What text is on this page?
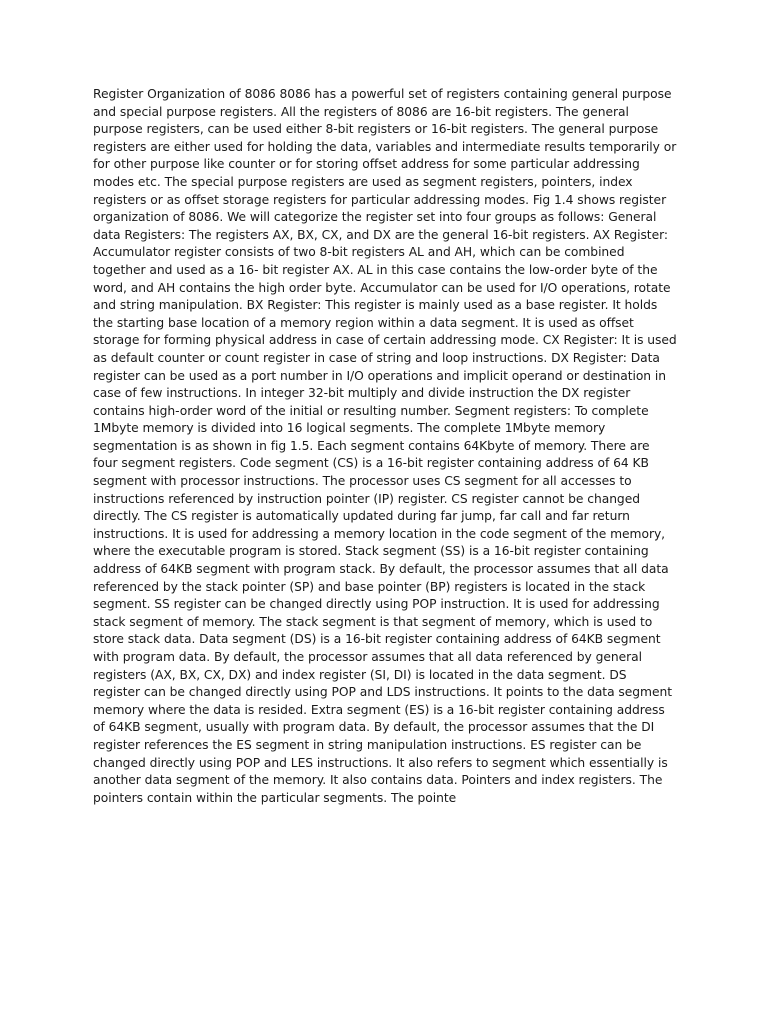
Register Organization of 8086 8086 has a powerful set of registers containing general purpose and special purpose registers. All the registers of 8086 are 16-bit registers. The general purpose registers, can be used either 8-bit registers or 16-bit registers. The general purpose registers are either used for holding the data, variables and intermediate results temporarily or for other purpose like counter or for storing offset address for some particular addressing modes etc. The special purpose registers are used as segment registers, pointers, index registers or as offset storage registers for particular addressing modes. Fig 1.4 shows register organization of 8086. We will categorize the register set into four groups as follows: General data Registers: The registers AX, BX, CX, and DX are the general 16-bit registers. AX Register: Accumulator register consists of two 8-bit registers AL and AH, which can be combined together and used as a 16- bit register AX. AL in this case contains the low-order byte of the word, and AH contains the high order byte. Accumulator can be used for I/O operations, rotate and string manipulation. BX Register: This register is mainly used as a base register. It holds the starting base location of a memory region within a data segment. It is used as offset storage for forming physical address in case of certain addressing mode. CX Register: It is used as default counter or count register in case of string and loop instructions. DX Register: Data register can be used as a port number in I/O operations and implicit operand or destination in case of few instructions. In integer 32-bit multiply and divide instruction the DX register contains high-order word of the initial or resulting number. Segment registers: To complete 1Mbyte memory is divided into 16 logical segments. The complete 1Mbyte memory segmentation is as shown in fig 1.5. Each segment contains 64Kbyte of memory. There are four segment registers. Code segment (CS) is a 16-bit register containing address of 64 KB segment with processor instructions. The processor uses CS segment for all accesses to instructions referenced by instruction pointer (IP) register. CS register cannot be changed directly. The CS register is automatically updated during far jump, far call and far return instructions. It is used for addressing a memory location in the code segment of the memory, where the executable program is stored. Stack segment (SS) is a 16-bit register containing address of 64KB segment with program stack. By default, the processor assumes that all data referenced by the stack pointer (SP) and base pointer (BP) registers is located in the stack segment. SS register can be changed directly using POP instruction. It is used for addressing stack segment of memory. The stack segment is that segment of memory, which is used to store stack data. Data segment (DS) is a 16-bit register containing address of 64KB segment with program data. By default, the processor assumes that all data referenced by general registers (AX, BX, CX, DX) and index register (SI, DI) is located in the data segment. DS register can be changed directly using POP and LDS instructions. It points to the data segment memory where the data is resided. Extra segment (ES) is a 16-bit register containing address of 64KB segment, usually with program data. By default, the processor assumes that the DI register references the ES segment in string manipulation instructions. ES register can be changed directly using POP and LES instructions. It also refers to segment which essentially is another data segment of the memory. It also contains data. Pointers and index registers. The pointers contain within the particular segments. The pointe
